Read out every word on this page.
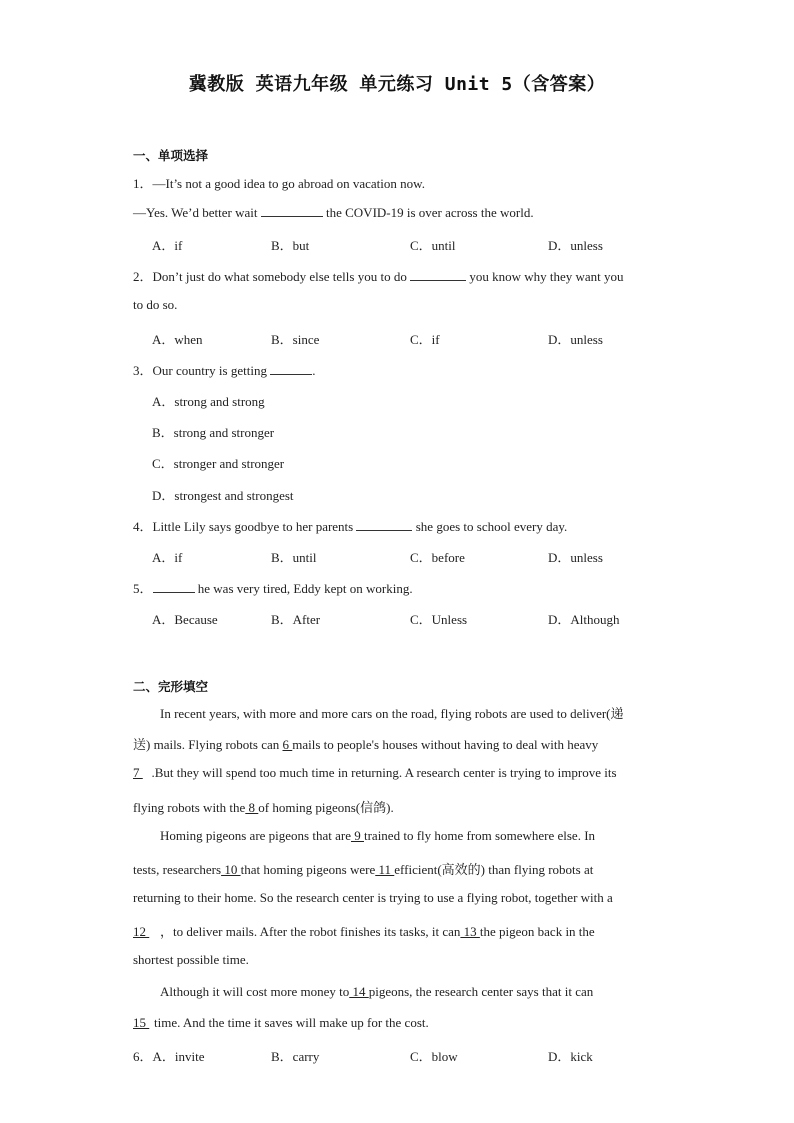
冀教版 英语九年级 单元练习 Unit 5（含答案）
一、单项选择
1．—It’s not a good idea to go abroad on vacation now.
—Yes. We’d better wait	the COVID-19 is over across the world.
A．if	B．but	C．until	D．unless
2．Don’t just do what somebody else tells you to do	you know why they want you
to do so.
A．when	B．since	C．if	D．unless
3．Our country is getting	.
A．strong and strong
B．strong and stronger
C．stronger and stronger
D．strongest and strongest
4．Little Lily says goodbye to her parents	she goes to school every day.
A．if	B．until	C．before	D．unless
5．	he was very tired, Eddy kept on working.
A．Because	B．After	C．Unless	D．Although
二、完形填空
In recent years, with more and more cars on the road, flying robots are used to deliver(递
送) mails. Flying robots can 6 mails to people's houses without having to deal with heavy
7 .But they will spend too much time in returning. A research center is trying to improve its
flying robots with the 8 of homing pigeons(信鸽).
Homing pigeons are pigeons that are 9 trained to fly home from somewhere else. In
tests, researchers 10 that homing pigeons were 11 efficient(高效的) than flying robots at
returning to their home. So the research center is trying to use a flying robot, together with a
12 ，to deliver mails. After the robot finishes its tasks, it can 13 the pigeon back in the
shortest possible time.
Although it will cost more money to 14 pigeons, the research center says that it can
15 time. And the time it saves will make up for the cost.
6．A．invite	B．carry	C．blow	D．kick
